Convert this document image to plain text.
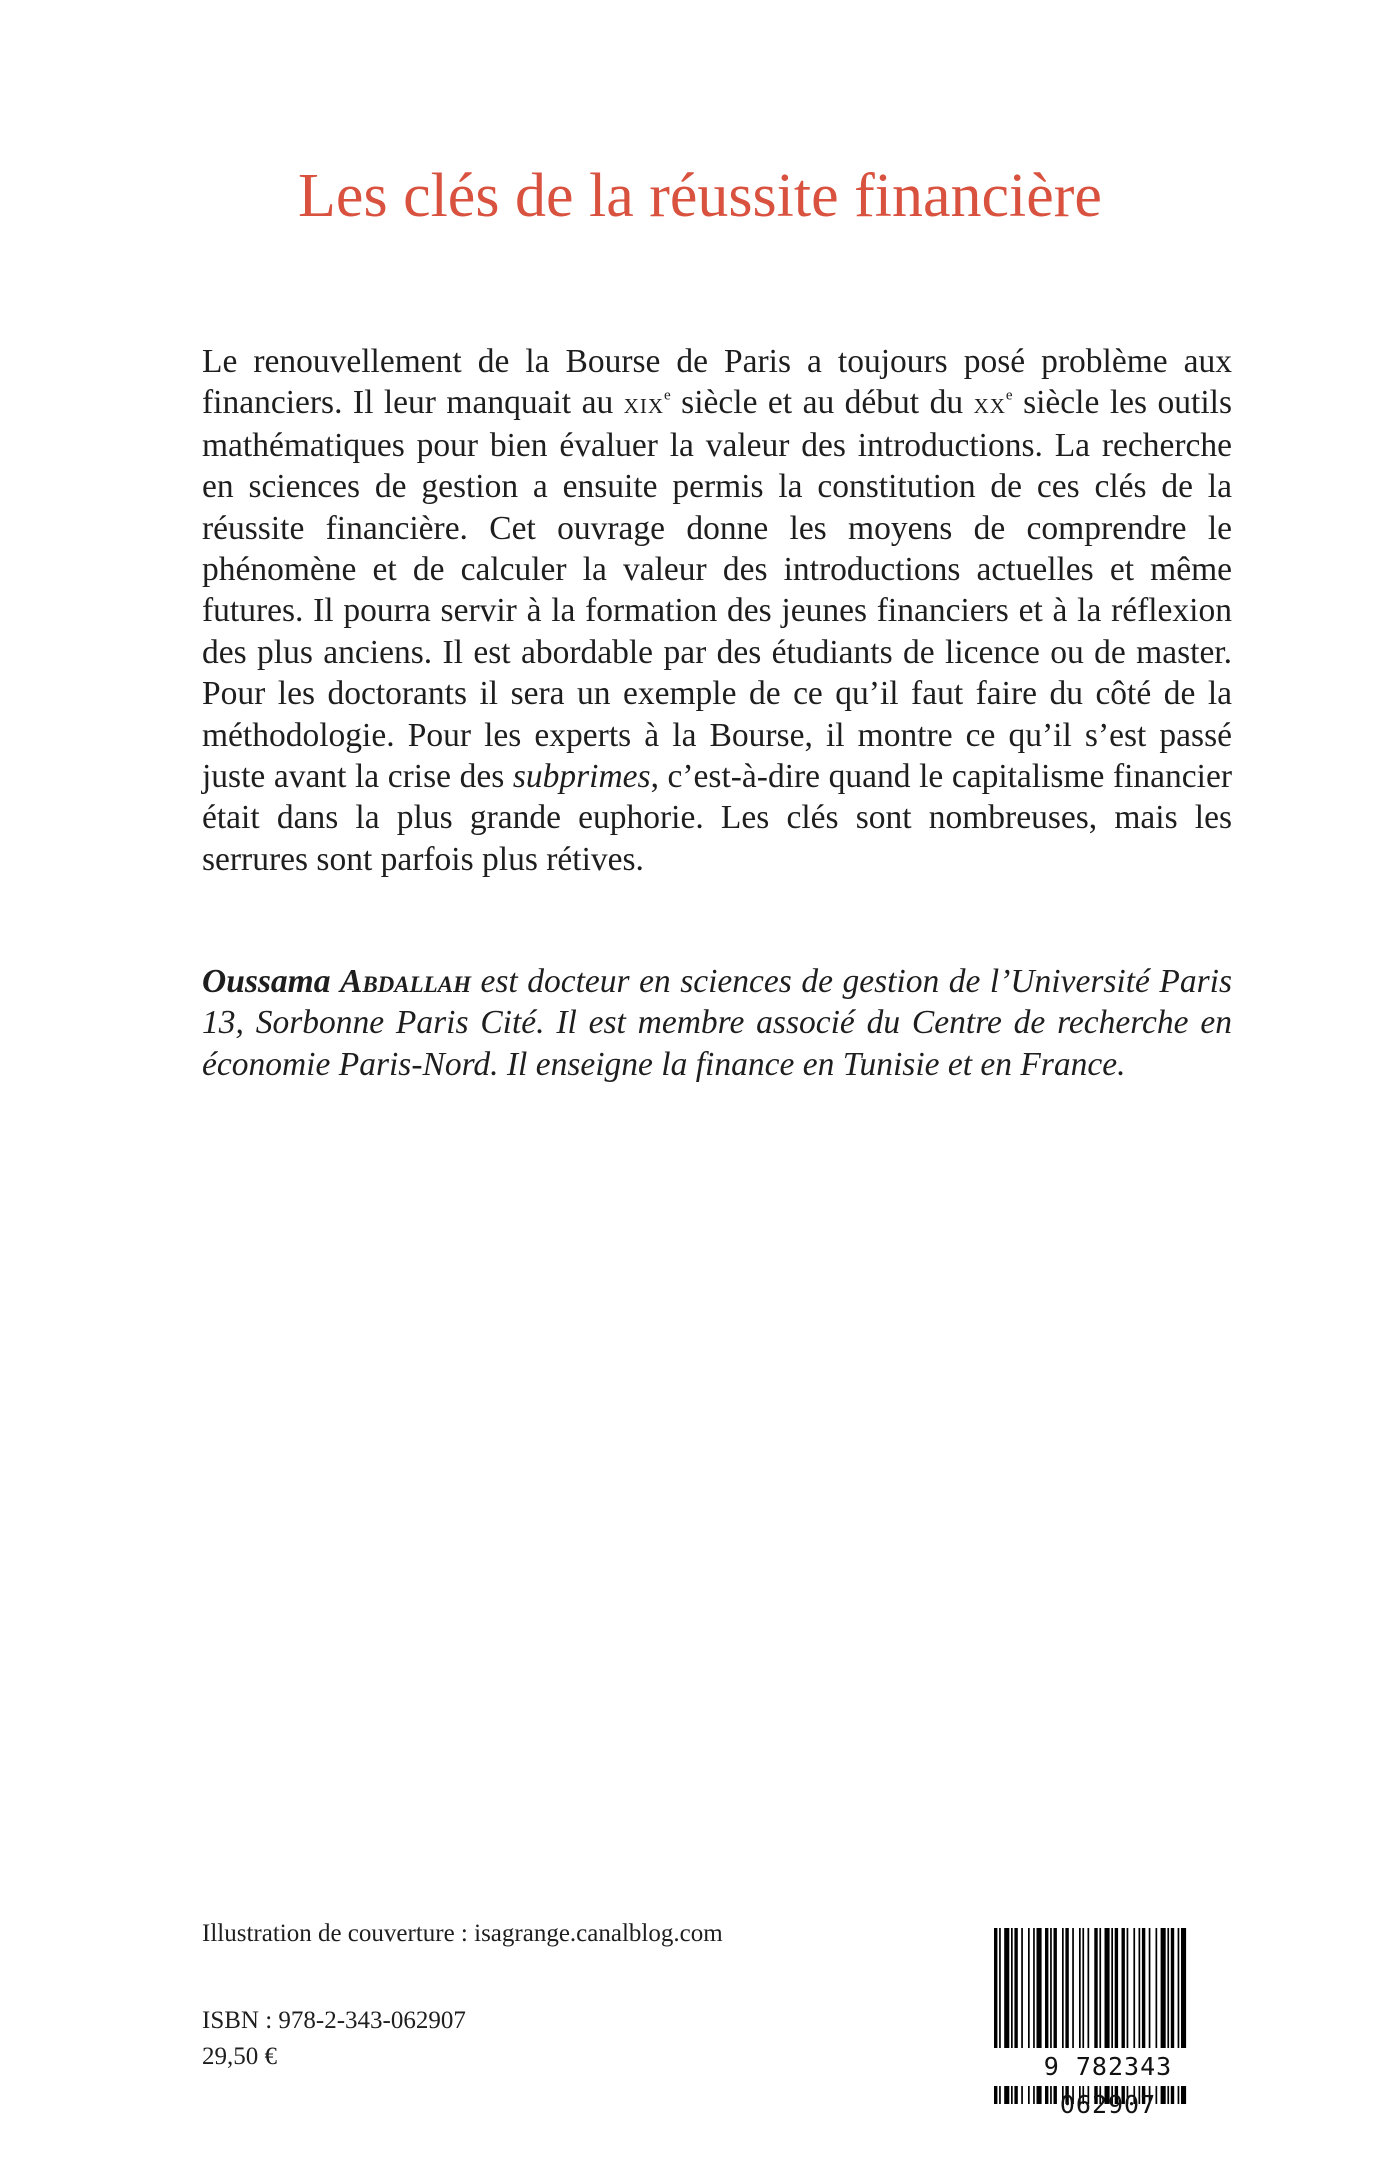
Les clés de la réussite financière

Le renouvellement de la Bourse de Paris a toujours posé problème aux financiers. Il leur manquait au xix$^e$ siècle et au début du $xx^e$ siècle les outils mathématiques pour bien évaluer la valeur des introductions. La recherche en sciences de gestion a ensuite permis la constitution de ces clés de la réussite financière. Cet ouvrage donne les moyens de comprendre le phénomène et de calculer la valeur des introductions actuelles et même futures. Il pourra servir à la formation des jeunes financiers et à la réflexion des plus anciens. Il est abordable par des étudiants de licence ou de master. Pour les doctorants il sera un exemple de ce qu’il faut faire du côté de la méthodologie. Pour les experts à la Bourse, il montre ce qu’il s’est passé juste avant la crise des subprimes, c’est-à-dire quand le capitalisme financier était dans la plus grande euphorie. Les clés sont nombreuses, mais les serrures sont parfois plus rétives.

Oussama Abdallah est docteur en sciences de gestion de l’Université Paris 13, Sorbonne Paris Cité. Il est membre associé du Centre de recherche en économie Paris-Nord. Il enseigne la finance en Tunisie et en France.

Illustration de couverture : isagrange.canalblog.com

ISBN : 978-2-343-062907

29,50 €	9 782343 062907
